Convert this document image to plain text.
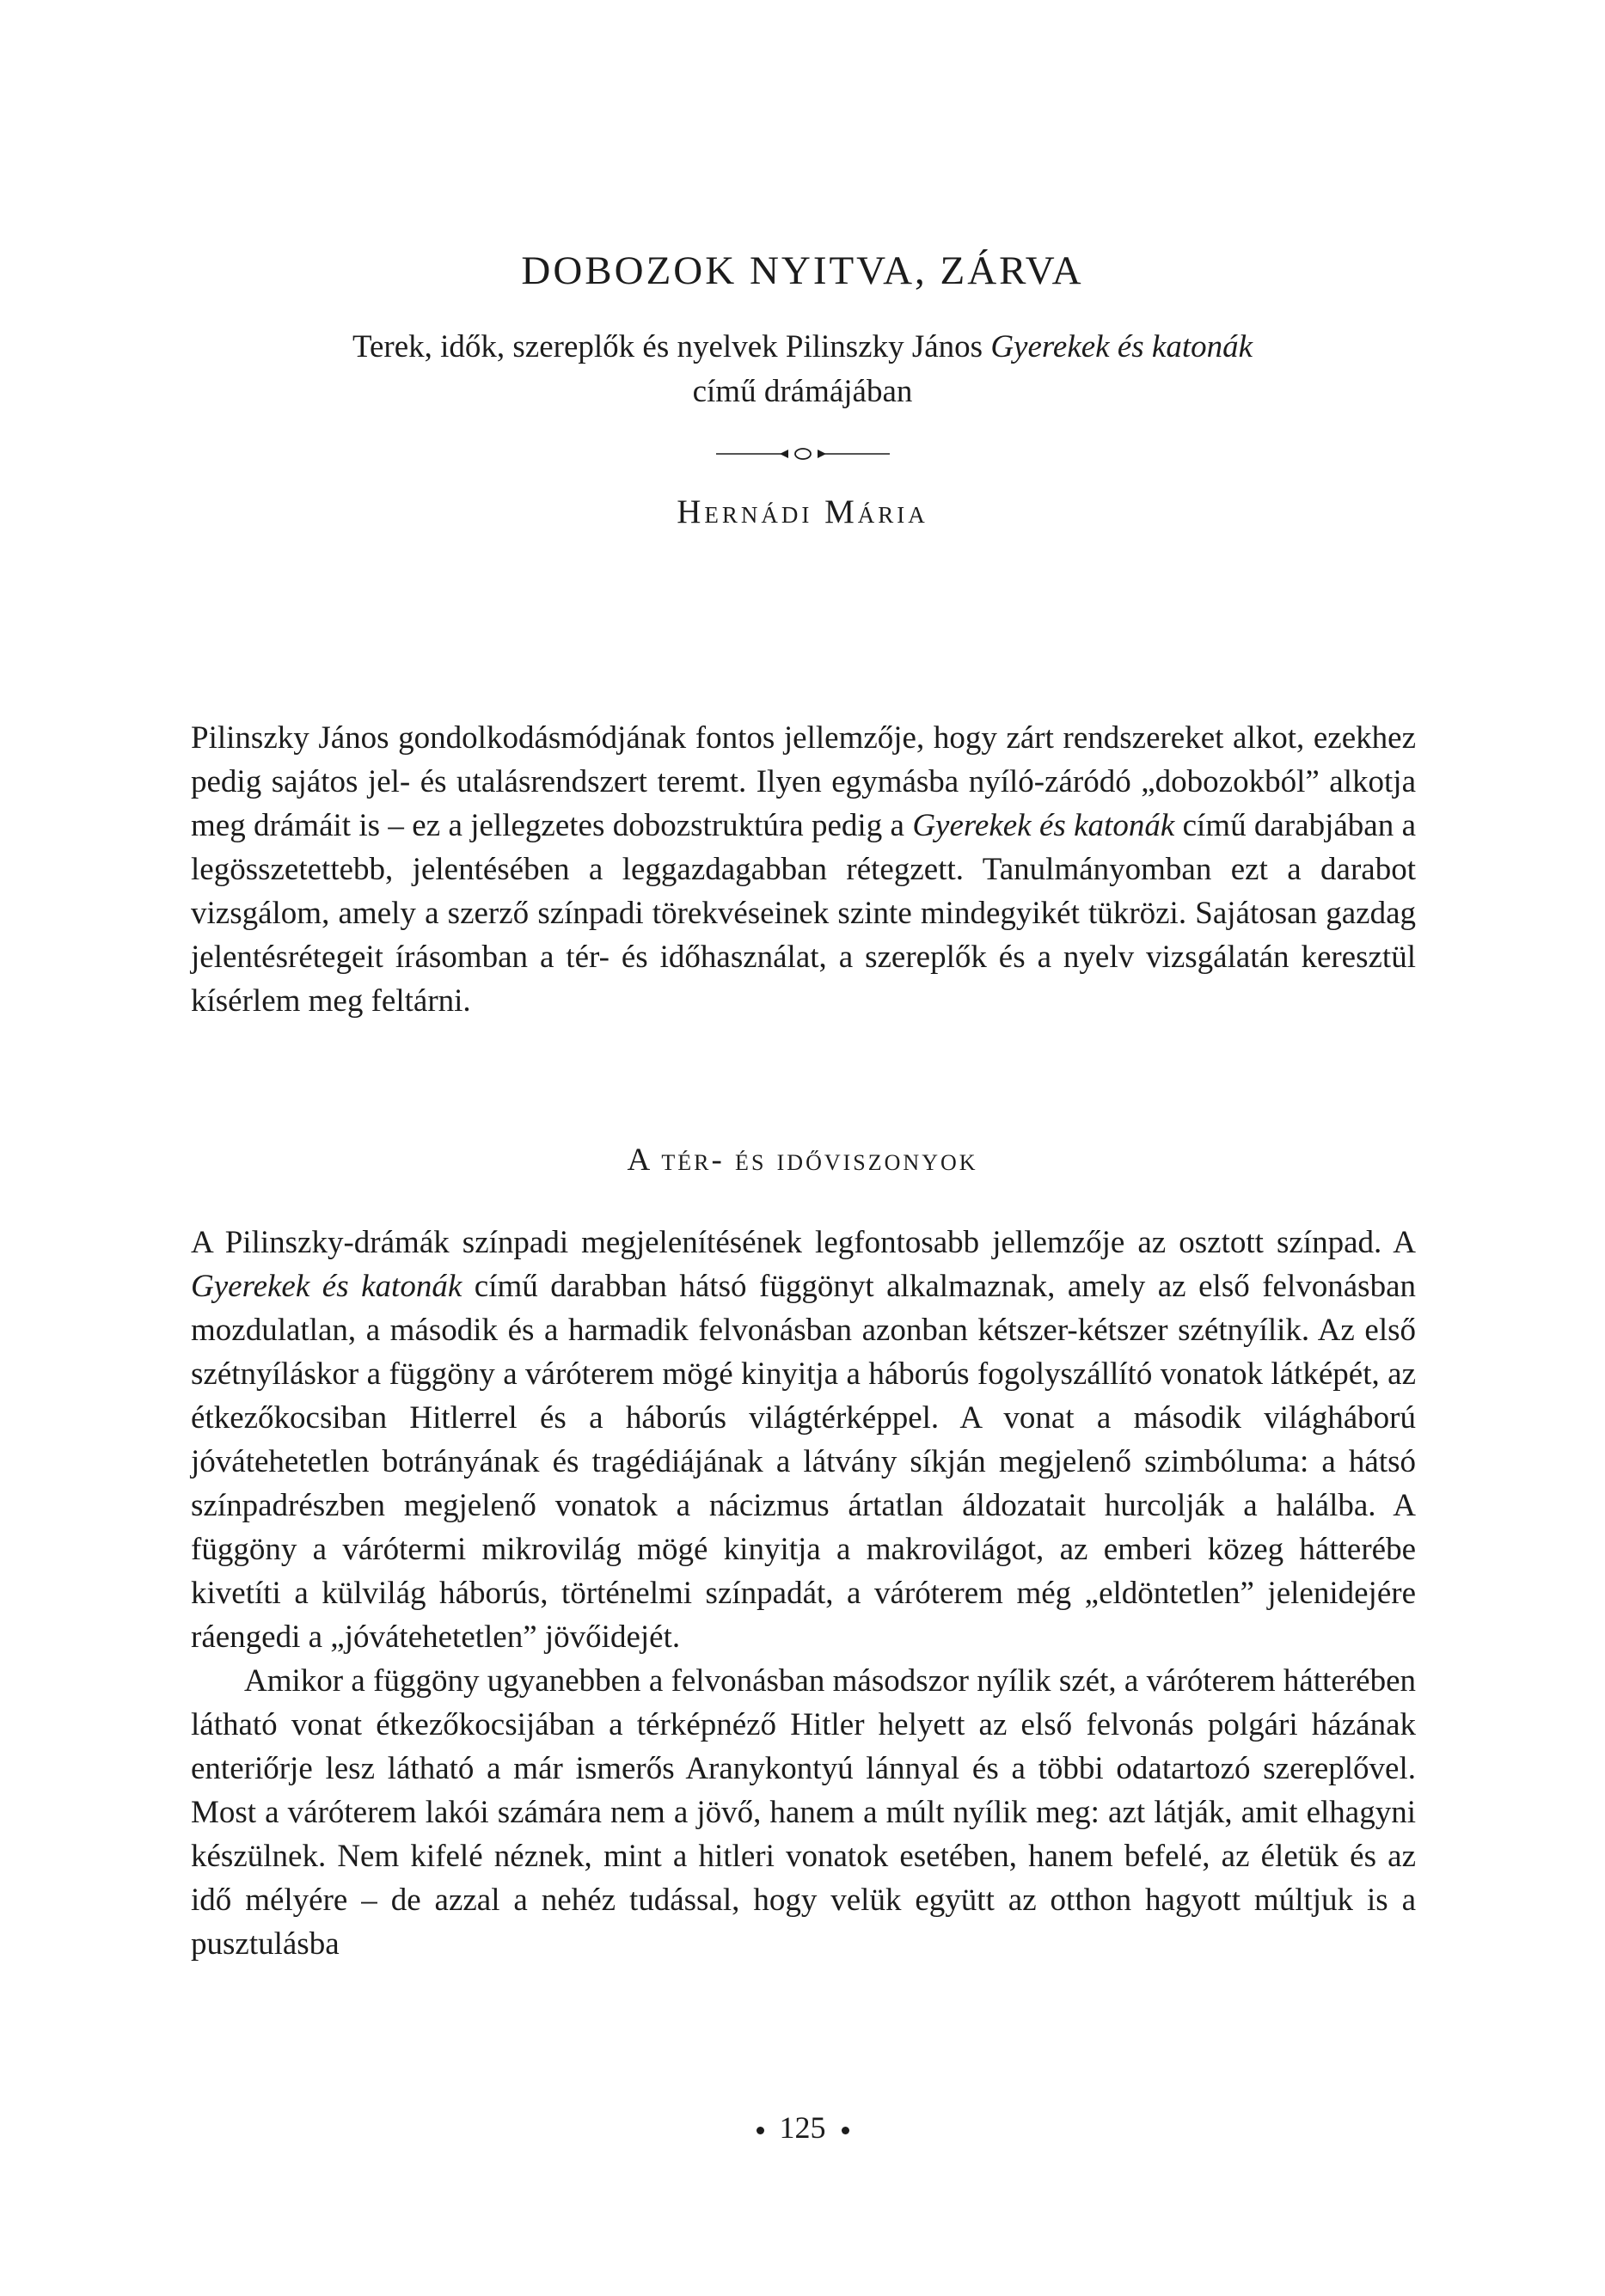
DOBOZOK NYITVA, ZÁRVA
Terek, idők, szereplők és nyelvek Pilinszky János Gyerekek és katonák
című drámájában
Hernádi Mária

Pilinszky János gondolkodásmódjának fontos jellemzője, hogy zárt rendszereket alkot, ezekhez pedig sajátos jel- és utalásrendszert teremt. Ilyen egymásba nyíló-záródó „dobozokból” alkotja meg drámáit is – ez a jellegzetes dobozstruktúra pedig a Gyerekek és katonák című darabjában a legösszetettebb, jelentésében a leggazdagabban rétegzett. Tanulmányomban ezt a darabot vizsgálom, amely a szerző színpadi törekvéseinek szinte mindegyikét tükrözi. Sajátosan gazdag jelentésrétegeit írásomban a tér- és időhasználat, a szereplők és a nyelv vizsgálatán keresztül kísérlem meg feltárni.

A tér- és időviszonyok

A Pilinszky-drámák színpadi megjelenítésének legfontosabb jellemzője az osztott színpad. A Gyerekek és katonák című darabban hátsó függönyt alkalmaznak, amely az első felvonásban mozdulatlan, a második és a harmadik felvonásban azonban kétszer-kétszer szétnyílik. Az első szétnyíláskor a függöny a váróterem mögé kinyitja a háborús fogolyszállító vonatok látképét, az étkezőkocsiban Hitlerrel és a háborús világtérképpel. A vonat a második világháború jóvátehetetlen botrányának és tragédiájának a látvány síkján megjelenő szimbóluma: a hátsó színpadrészben megjelenő vonatok a nácizmus ártatlan áldozatait hurcolják a halálba. A függöny a várótermi mikrovilág mögé kinyitja a makrovilágot, az emberi közeg hátterébe kivetíti a külvilág háborús, történelmi színpadát, a váróterem még „eldöntetlen” jelenidejére ráengedi a „jóvátehetetlen” jövőidejét.

Amikor a függöny ugyanebben a felvonásban másodszor nyílik szét, a váróterem hátterében látható vonat étkezőkocsijában a térképnéző Hitler helyett az első felvonás polgári házának enteriőrje lesz látható a már ismerős Aranykontyú lánnyal és a többi odatartozó szereplővel. Most a váróterem lakói számára nem a jövő, hanem a múlt nyílik meg: azt látják, amit elhagyni készülnek. Nem kifelé néznek, mint a hitleri vonatok esetében, hanem befelé, az életük és az idő mélyére – de azzal a nehéz tudással, hogy velük együtt az otthon hagyott múltjuk is a pusztulásba

125
